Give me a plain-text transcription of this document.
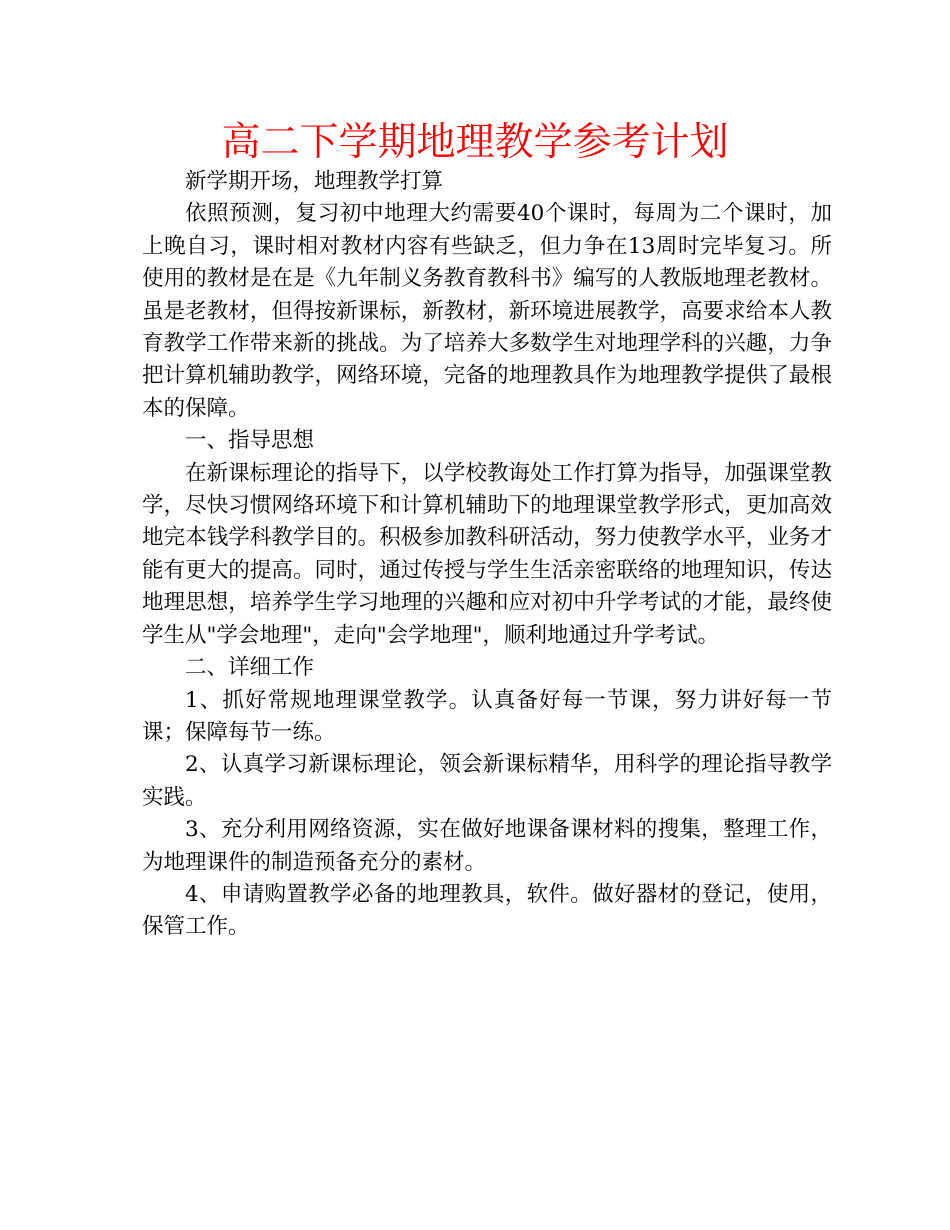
高二下学期地理教学参考计划

新学期开场，地理教学打算

依照预测，复习初中地理大约需要40个课时，每周为二个课时，加上晚自习，课时相对教材内容有些缺乏，但力争在13周时完毕复习。所使用的教材是在是《九年制义务教育教科书》编写的人教版地理老教材。虽是老教材，但得按新课标，新教材，新环境进展教学，高要求给本人教育教学工作带来新的挑战。为了培养大多数学生对地理学科的兴趣，力争把计算机辅助教学，网络环境，完备的地理教具作为地理教学提供了最根本的保障。

一、指导思想

在新课标理论的指导下，以学校教诲处工作打算为指导，加强课堂教学，尽快习惯网络环境下和计算机辅助下的地理课堂教学形式，更加高效地完本钱学科教学目的。积极参加教科研活动，努力使教学水平，业务才能有更大的提高。同时，通过传授与学生生活亲密联络的地理知识，传达地理思想，培养学生学习地理的兴趣和应对初中升学考试的才能，最终使学生从"学会地理"，走向"会学地理"，顺利地通过升学考试。

二、详细工作

1、抓好常规地理课堂教学。认真备好每一节课，努力讲好每一节课；保障每节一练。

2、认真学习新课标理论，领会新课标精华，用科学的理论指导教学实践。

3、充分利用网络资源，实在做好地课备课材料的搜集，整理工作，为地理课件的制造预备充分的素材。

4、申请购置教学必备的地理教具，软件。做好器材的登记，使用，保管工作。
